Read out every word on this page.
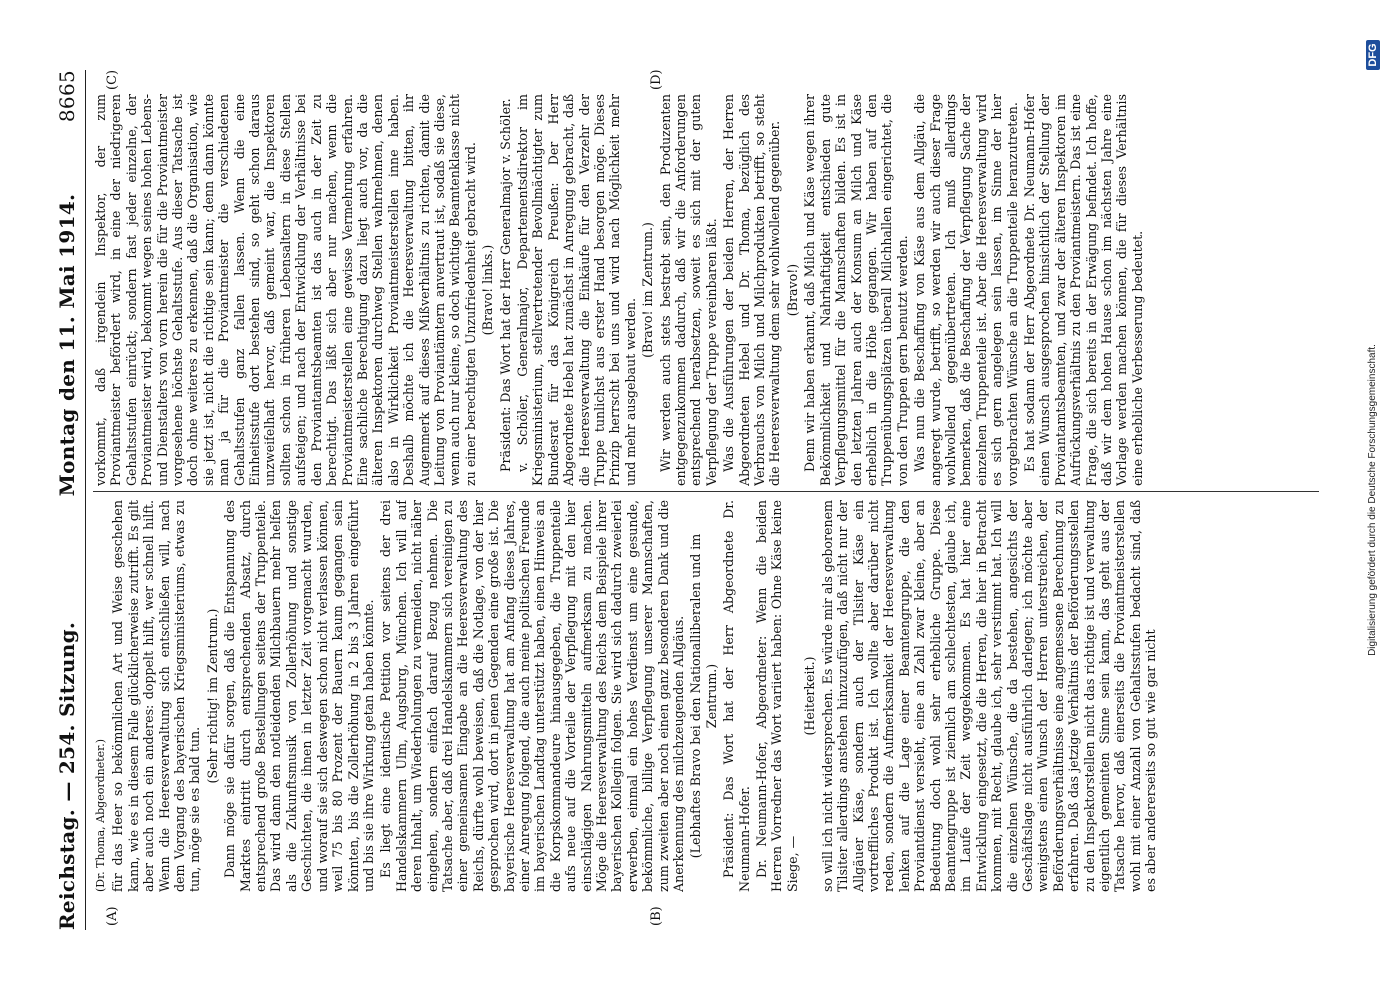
Reichstag. — 254. Sitzung.
Montag den 11. Mai 1914.
8665
(A)	(B)
(C)	(D)

(Dr. Thoma, Abgeordneter.) für das Heer so bekömmlichen Art und Weise geschehen kann, wie es in diesem Falle glücklicherweise zutrifft. Es gilt aber auch noch ein anderes: doppelt hilft, wer schnell hilft. Wenn die Heeresverwaltung sich entschließen will, nach dem Vorgang des bayerischen Kriegsministeriums, etwas zu tun, möge sie es bald tun.

(Sehr richtig! im Zentrum.) Dann möge sie dafür sorgen, daß die Entspannung des Marktes eintritt durch entsprechenden Absatz, durch entsprechend große Bestellungen seitens der Truppenteile. Das wird dann den notleidenden Milchbauern mehr helfen als die Zukunftsmusik von Zollerhöhung und sonstige Geschichten, die ihnen in letzter Zeit vorgemacht wurden, und worauf sie sich deswegen schon nicht verlassen können, weil 75 bis 80 Prozent der Bauern kaum gegangen sein könnten, bis die Zollerhöhung in 2 bis 3 Jahren eingeführt und bis sie ihre Wirkung getan haben könnte. Es liegt eine identische Petition vor seitens der drei Handelskammern Ulm, Augsburg, München. Ich will auf deren Inhalt, um Wiederholungen zu vermeiden, nicht näher eingehen, sondern einfach darauf Bezug nehmen. Die Tatsache aber, daß drei Handelskammern sich vereinigen zu einer gemeinsamen Eingabe an die Heeresverwaltung des Reichs, dürfte wohl beweisen, daß die Notlage, von der hier gesprochen wird, dort in jenen Gegenden eine große ist. Die bayerische Heeresverwaltung hat am Anfang dieses Jahres, einer Anregung folgend, die auch meine politischen Freunde im bayerischen Landtag unterstützt haben, einen Hinweis an die Korpskommandeure hinausgegeben, die Truppenteile aufs neue auf die Vorteile der Verpflegung mit den hier einschlägigen Nahrungsmitteln aufmerksam zu machen. Möge die Heeresverwaltung des Reichs dem Beispiele ihrer bayerischen Kollegin folgen. Sie wird sich dadurch zweierlei erwerben, einmal ein hohes Verdienst um eine gesunde, bekömmliche, billige Verpflegung unserer Mannschaften, zum zweiten aber noch einen ganz besonderen Dank und die Anerkennung des milchzeugenden Allgäus. (Lebhaftes Bravo bei den Nationalliberalen und im Zentrum.) Präsident: Das Wort hat der Herr Abgeordnete Dr. Neumann-Hofer. Dr. Neumann-Hofer, Abgeordneter: Wenn die beiden Herren Vorredner das Wort variiert haben: Ohne Käse keine Siege, —

(Heiterkeit.) so will ich nicht widersprechen. Es würde mir als geborenem Tilsiter allerdings anstehen hinzuzufügen, daß nicht nur der Allgäuer Käse, sondern auch der Tilsiter Käse ein vortreffliches Produkt ist. Ich wollte aber darüber nicht reden, sondern die Aufmerksamkeit der Heeresverwaltung lenken auf die Lage einer Beamtengruppe, die den Proviantdienst versieht, eine an Zahl zwar kleine, aber an Bedeutung doch wohl sehr erhebliche Gruppe. Diese Beamtengruppe ist ziemlich am schlechtesten, glaube ich, im Laufe der Zeit weggekommen. Es hat hier eine Entwicklung eingesetzt, die die Herren, die hier in Betracht kommen, mit Recht, glaube ich, sehr verstimmt hat. Ich will die einzelnen Wünsche, die da bestehen, angesichts der Geschäftslage nicht ausführlich darlegen; ich möchte aber wenigstens einen Wunsch der Herren unterstreichen, der Beförderungsverhältnisse eine angemessene Berechnung zu erfahren. Daß das jetzige Verhältnis der Beförderungsstellen zu den Inspektorstellen nicht das richtige ist und verwaltung eigentlich gemeinten Sinne sein kann, das geht aus der Tatsache hervor, daß einerseits die Proviantmeisterstellen wohl mit einer Anzahl von Gehaltsstufen bedacht sind, daß es aber andererseits so gut wie gar nicht

vorkommt, daß irgendein Inspektor, der zum Proviantmeister befördert wird, in eine der niedrigeren Gehaltsstufen einrückt; sondern fast jeder einzelne, der Proviantmeister wird, bekommt wegen seines hohen Lebens- und Dienstalters von vorn herein die für die Proviantmeister vorgesehene höchste Gehaltsstufe. Aus dieser Tatsache ist doch ohne weiteres zu erkennen, daß die Organisation, wie sie jetzt ist, nicht die richtige sein kann; denn dann könnte man ja für die Proviantmeister die verschiedenen Gehaltsstufen ganz fallen lassen. Wenn die eine Einheitsstufe dort bestehen sind, so geht schon daraus unzweifelhaft hervor, daß gemeint war, die Inspektoren sollten schon in früheren Lebensaltern in diese Stellen aufsteigen; und nach der Entwicklung der Verhältnisse bei den Proviantamtsbeamten ist das auch in der Zeit zu berechtigt. Das läßt sich aber nur machen, wenn die Proviantmeisterstellen eine gewisse Vermehrung erfahren. Eine sachliche Berechtigung dazu liegt auch vor, da die älteren Inspektoren durchweg Stellen wahrnehmen, denen also in Wirklichkeit Proviantmeisterstellen inne haben. Deshalb möchte ich die Heeresverwaltung bitten, ihr Augenmerk auf dieses Mißverhältnis zu richten, damit die Leitung von Proviantämtern anvertraut ist, sodaß sie diese, wenn auch nur kleine, so doch wichtige Beamtenklasse nicht zu einer berechtigten Unzufriedenheit gebracht wird. (Bravo! links.) Präsident: Das Wort hat der Herr Generalmajor v. Schöler. v. Schöler, Generalmajor, Departementsdirektor im Kriegsministerium, stellvertretender Bevollmächtigter zum Bundesrat für das Königreich Preußen: Der Herr Abgeordnete Hebel hat zunächst in Anregung gebracht, daß die Heeresverwaltung die Einkäufe für den Verzehr der Truppe tunlichst aus erster Hand besorgen möge. Dieses Prinzip herrscht bei uns und wird nach Möglichkeit mehr und mehr ausgebaut werden.

(Bravo! im Zentrum.) Wir werden auch stets bestrebt sein, den Produzenten entgegenzukommen dadurch, daß wir die Anforderungen entsprechend herabsetzen, soweit es sich mit der guten Verpflegung der Truppe vereinbaren läßt. Was die Ausführungen der beiden Herren, der Herren Abgeordneten Hebel und Dr. Thoma, bezüglich des Verbrauchs von Milch und Milchprodukten betrifft, so steht die Heeresverwaltung dem sehr wohlwollend gegenüber. (Bravo!) Denn wir haben erkannt, daß Milch und Käse wegen ihrer Bekömmlichkeit und Nahrhaftigkeit entschieden gute Verpflegungsmittel für die Mannschaften bilden. Es ist in den letzten Jahren auch der Konsum an Milch und Käse erheblich in die Höhe gegangen. Wir haben auf den Truppenübungsplätzen überall Milchhallen eingerichtet, die von den Truppen gern benutzt werden. Was nun die Beschaffung von Käse aus dem Allgäu, die angeregt wurde, betrifft, so werden wir auch dieser Frage wohlwollend gegenübertreten. Ich muß allerdings bemerken, daß die Beschaffung der Verpflegung Sache der einzelnen Truppenteile ist. Aber die Heeresverwaltung wird es sich gern angelegen sein lassen, im Sinne der hier vorgebrachten Wünsche an die Truppenteile heranzutreten. Es hat sodann der Herr Abgeordnete Dr. Neumann-Hofer einen Wunsch ausgesprochen hinsichtlich der Stellung der Proviantamtsbeamten, und zwar der älteren Inspektoren im Aufrückungsverhältnis zu den Proviantmeistern. Das ist eine Frage, die sich bereits in der Erwägung befindet. Ich hoffe, daß wir dem hohen Hause schon im nächsten Jahre eine Vorlage werden machen können, die für dieses Verhältnis eine erhebliche Verbesserung bedeutet.

DFG
Digitalisierung gefördert durch die Deutsche Forschungsgemeinschaft.
